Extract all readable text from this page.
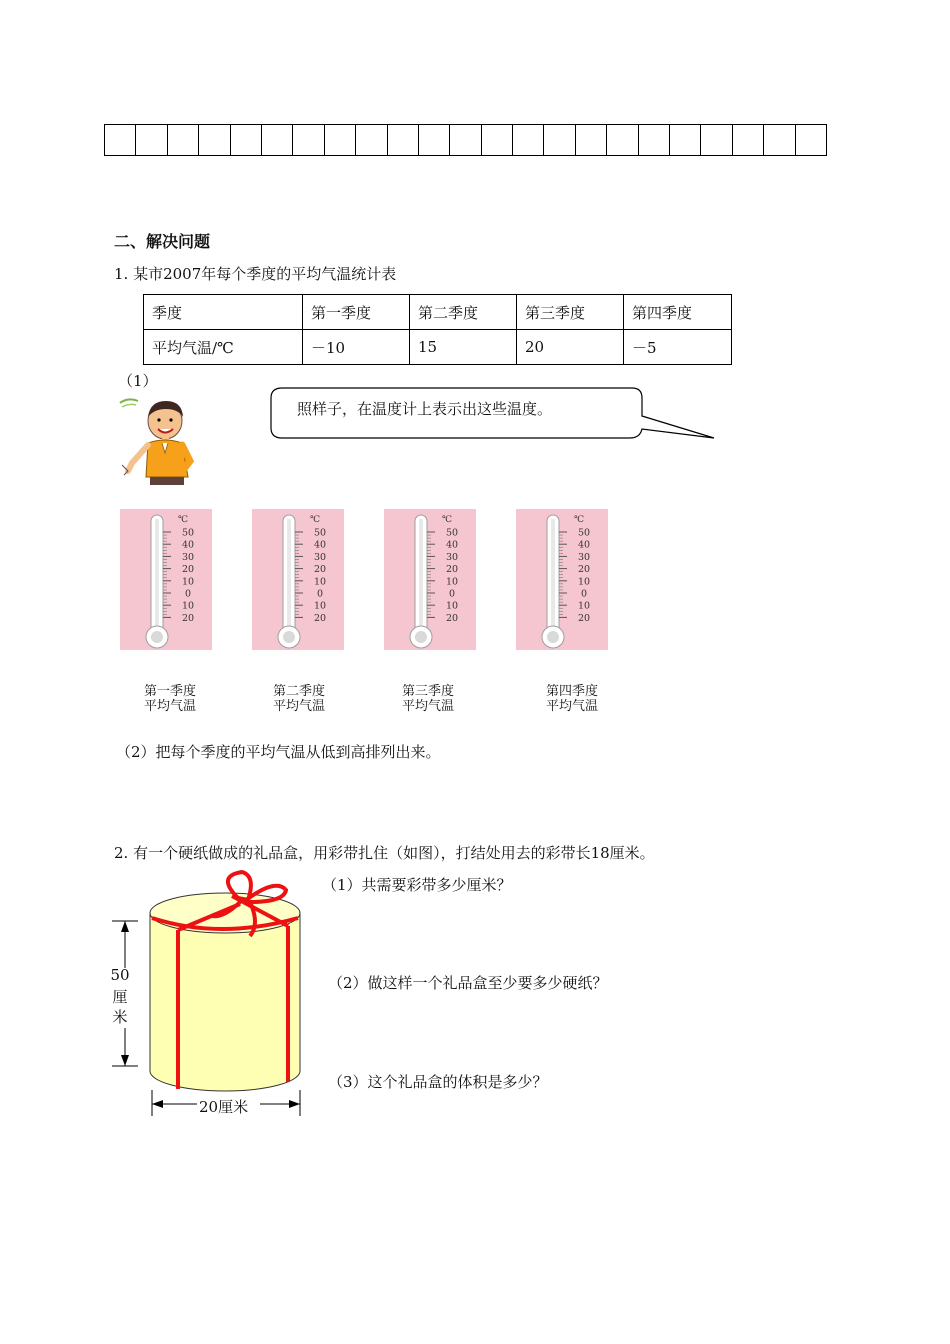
二、解决问题
1. 某市2007年每个季度的平均气温统计表
季度	第一季度	第二季度	第三季度	第四季度
平均气温/℃	－10	15	20	－5
（1）
照样子，在温度计上表示出这些温度。
℃
50
40
30
20
10
0
10
20
℃
50
40
30
20
10
0
10
20
℃
50
40
30
20
10
0
10
20
℃
50
40
30
20
10
0
10
20
第一季度
平均气温
第二季度
平均气温
第三季度
平均气温
第四季度
平均气温
（2）把每个季度的平均气温从低到高排列出来。
2. 有一个硬纸做成的礼品盒，用彩带扎住（如图），打结处用去的彩带长18厘米。
50
厘
米
20厘米
（1）共需要彩带多少厘米？
（2）做这样一个礼品盒至少要多少硬纸？
（3）这个礼品盒的体积是多少？
